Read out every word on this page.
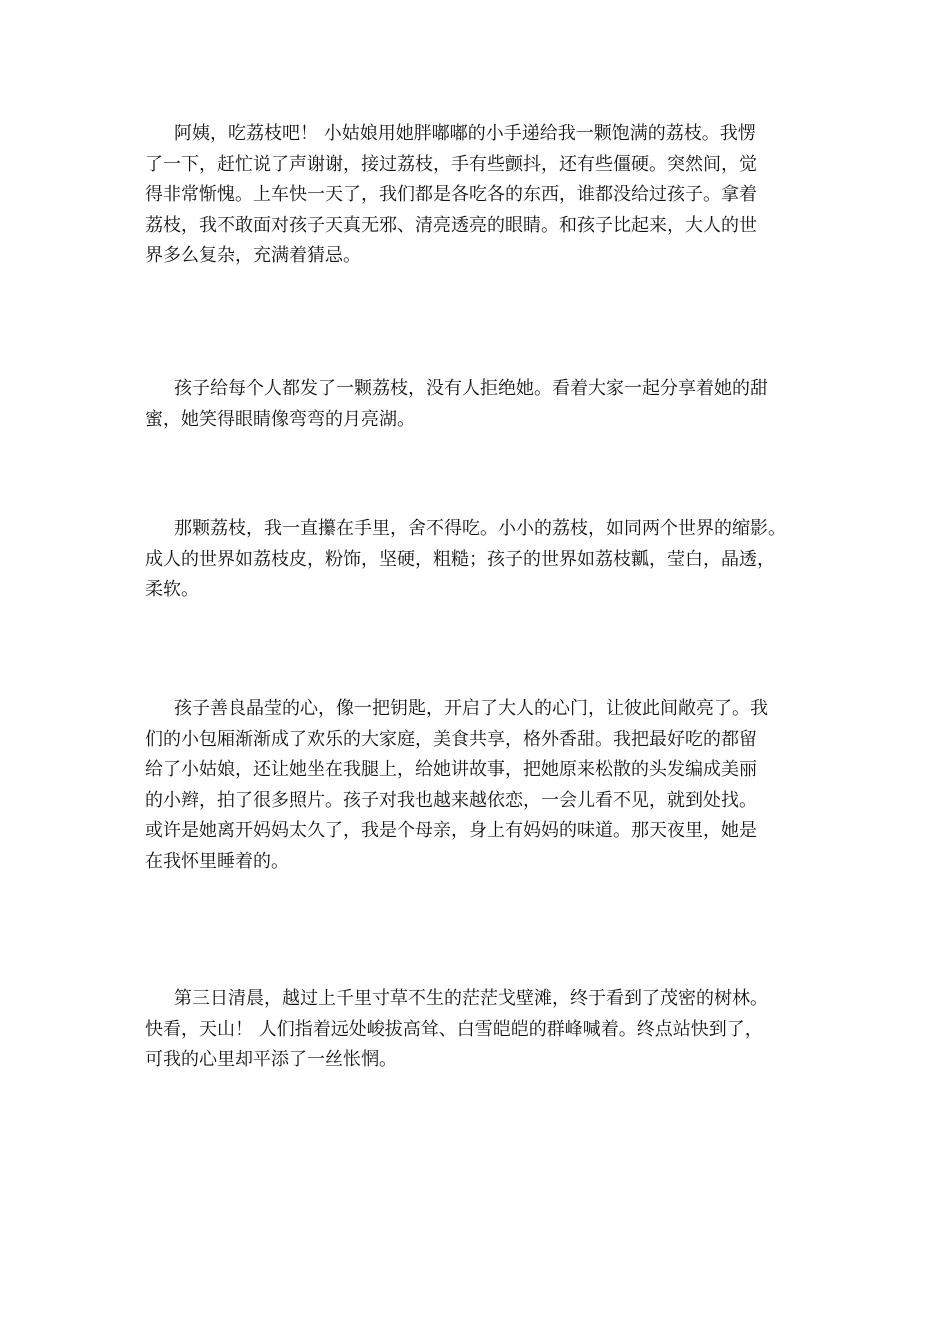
阿姨，吃荔枝吧！ 小姑娘用她胖嘟嘟的小手递给我一颗饱满的荔枝。我愣
了一下，赶忙说了声谢谢，接过荔枝，手有些颤抖，还有些僵硬。突然间，觉
得非常惭愧。上车快一天了，我们都是各吃各的东西，谁都没给过孩子。拿着
荔枝，我不敢面对孩子天真无邪、清亮透亮的眼睛。和孩子比起来，大人的世
界多么复杂，充满着猜忌。

孩子给每个人都发了一颗荔枝，没有人拒绝她。看着大家一起分享着她的甜
蜜，她笑得眼睛像弯弯的月亮湖。

那颗荔枝，我一直攥在手里，舍不得吃。小小的荔枝，如同两个世界的缩影。
成人的世界如荔枝皮，粉饰，坚硬，粗糙；孩子的世界如荔枝瓤，莹白，晶透，
柔软。

孩子善良晶莹的心，像一把钥匙，开启了大人的心门，让彼此间敞亮了。我
们的小包厢渐渐成了欢乐的大家庭，美食共享，格外香甜。我把最好吃的都留
给了小姑娘，还让她坐在我腿上，给她讲故事，把她原来松散的头发编成美丽
的小辫，拍了很多照片。孩子对我也越来越依恋，一会儿看不见，就到处找。
或许是她离开妈妈太久了，我是个母亲，身上有妈妈的味道。那天夜里，她是
在我怀里睡着的。

第三日清晨，越过上千里寸草不生的茫茫戈壁滩，终于看到了茂密的树林。
快看，天山！ 人们指着远处峻拔高耸、白雪皑皑的群峰喊着。终点站快到了，
可我的心里却平添了一丝怅惘。
